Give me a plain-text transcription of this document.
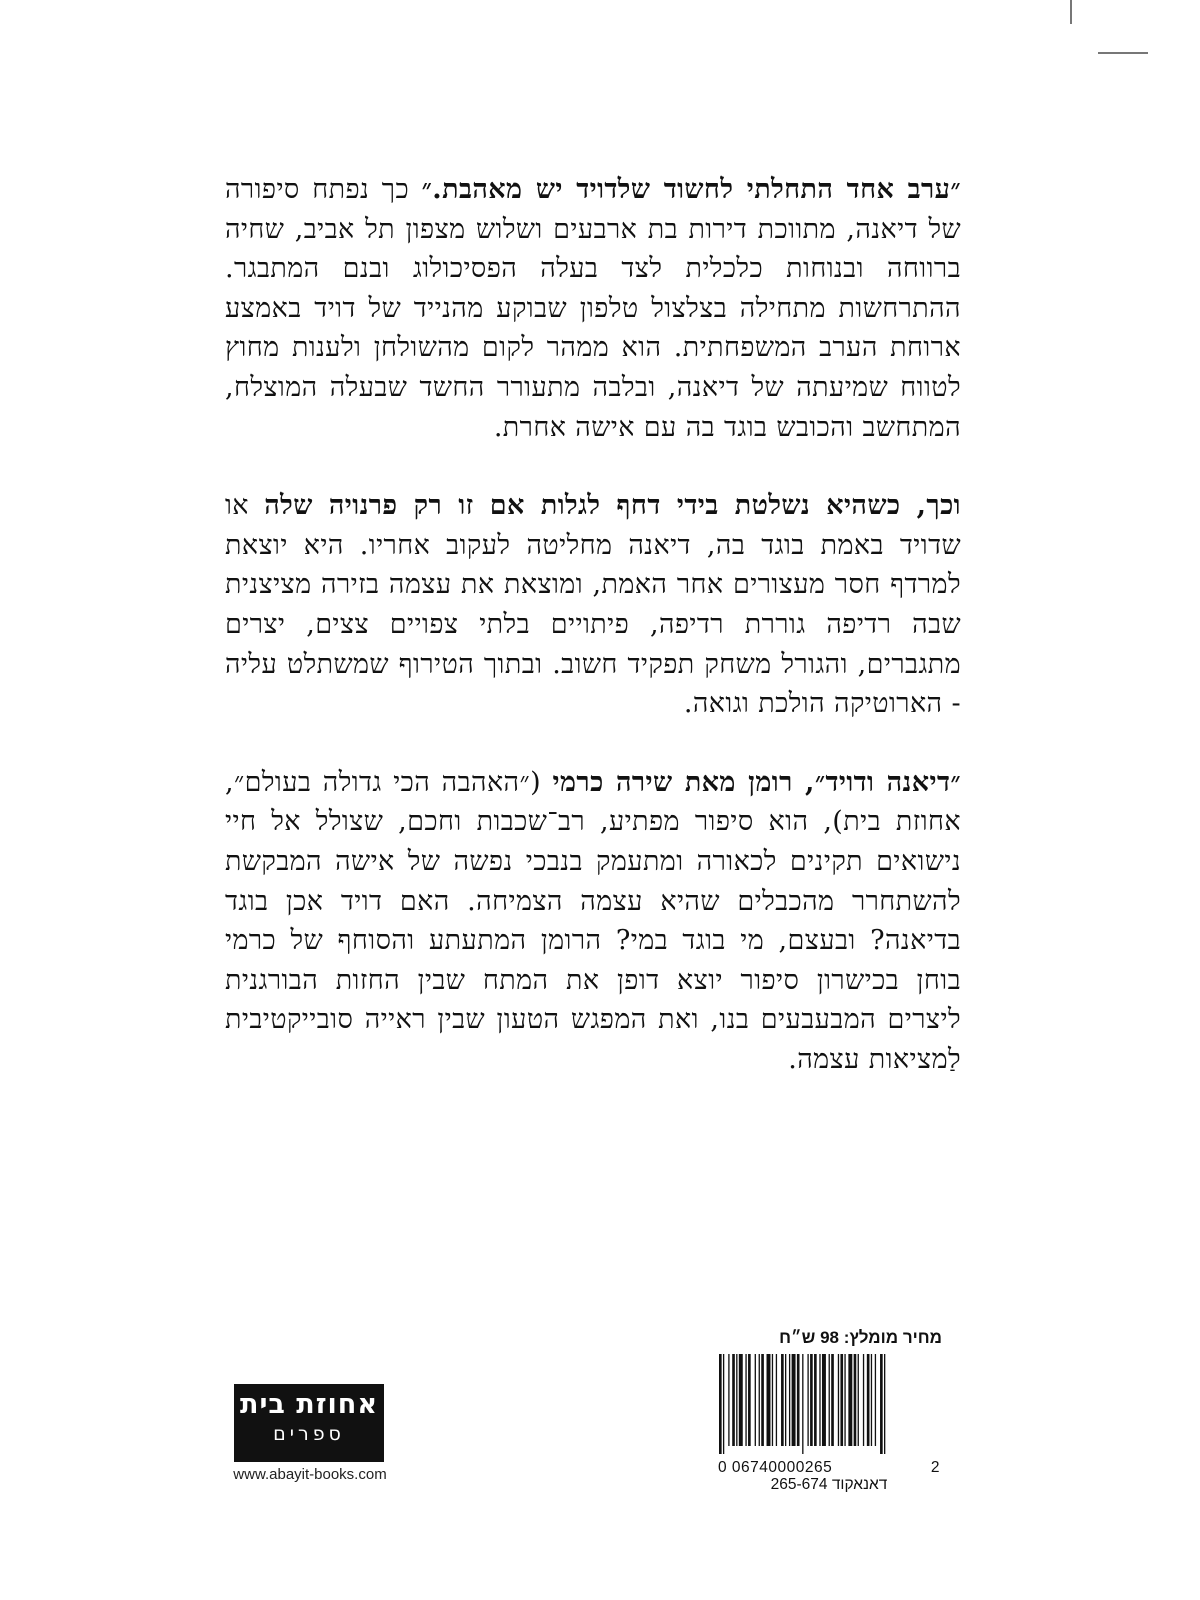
״ערב אחד התחלתי לחשוד שלדויד יש מאהבת.״ כך נפתח סיפורה של דיאנה, מתווכת דירות בת ארבעים ושלוש מצפון תל אביב, שחיה ברווחה ובנוחות כלכלית לצד בעלה הפסיכולוג ובנם המתבגר. ההתרחשות מתחילה בצלצול טלפון שבוקע מהנייד של דויד באמצע ארוחת הערב המשפחתית. הוא ממהר לקום מהשולחן ולענות מחוץ לטווח שמיעתה של דיאנה, ובלבה מתעורר החשד שבעלה המוצלח, המתחשב והכובש בוגד בה עם אישה אחרת.

וכך, כשהיא נשלטת בידי דחף לגלות אם זו רק פרנויה שלה או שדויד באמת בוגד בה, דיאנה מחליטה לעקוב אחריו. היא יוצאת למרדף חסר מעצורים אחר האמת, ומוצאת את עצמה בזירה מציצנית שבה רדיפה גוררת רדיפה, פיתויים בלתי צפויים צצים, יצרים מתגברים, והגורל משחק תפקיד חשוב. ובתוך הטירוף שמשתלט עליה - הארוטיקה הולכת וגואה.

״דיאנה ודויד״, רומן מאת שירה כרמי (״האהבה הכי גדולה בעולם״, אחוזת בית), הוא סיפור מפתיע, רב־שכבות וחכם, שצולל אל חיי נישואים תקינים לכאורה ומתעמק בנבכי נפשה של אישה המבקשת להשתחרר מהכבלים שהיא עצמה הצמיחה. האם דויד אכן בוגד בדיאנה? ובעצם, מי בוגד במי? הרומן המתעתע והסוחף של כרמי בוחן בכישרון סיפור יוצא דופן את המתח שבין החזות הבורגנית ליצרים המבעבעים בנו, ואת המפגש הטעון שבין ראייה סובייקטיבית לַמציאות עצמה.

מחיר מומלץ: 98 ש״ח
0 06740000265	2
דאנאקוד 265-674
אחוזת בית
ספרים
www.abayit-books.com
